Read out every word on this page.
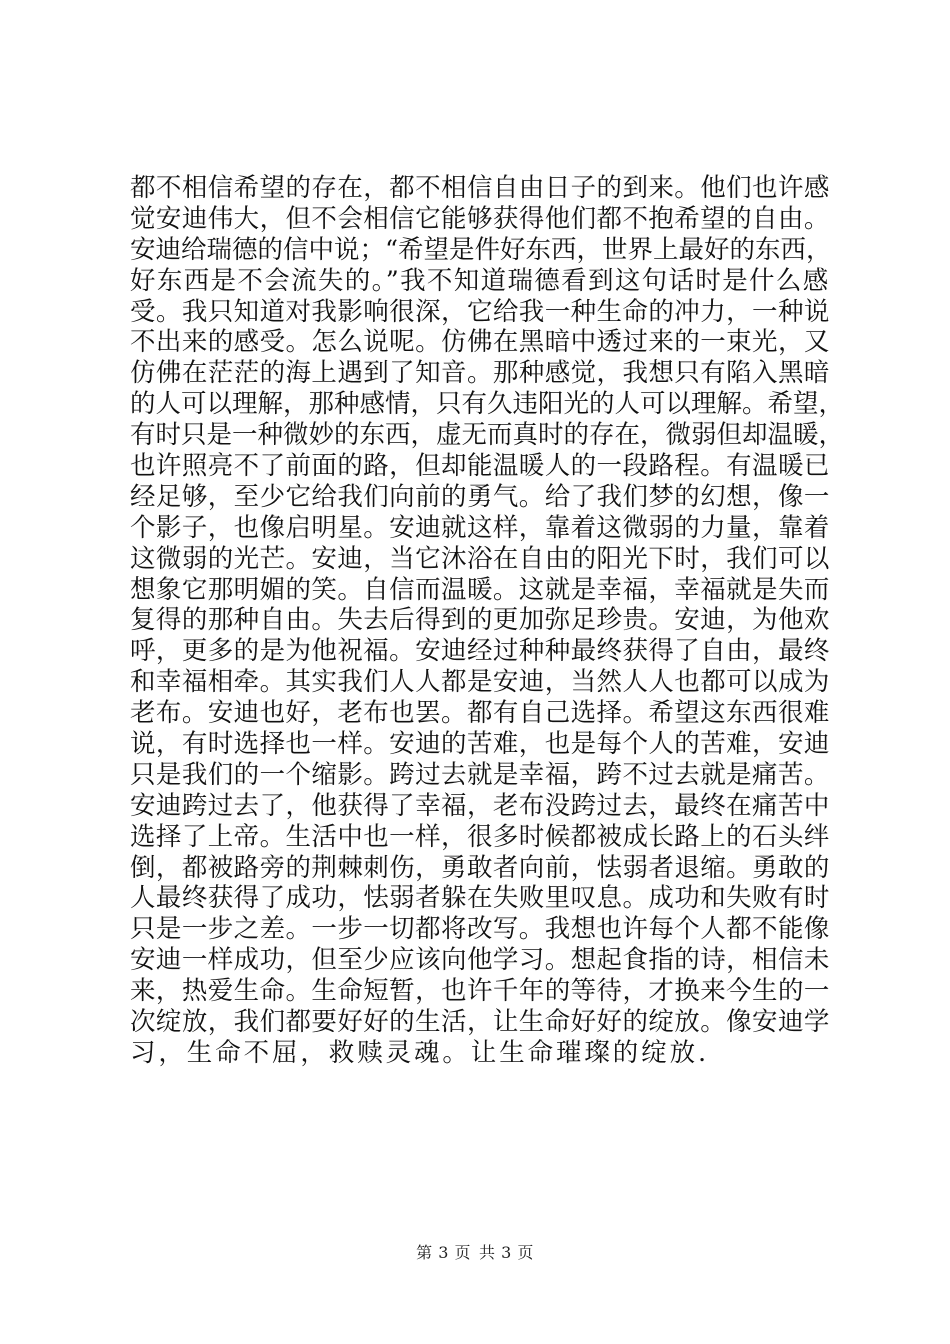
都不相信希望的存在，都不相信自由日子的到来。他们也许感
觉安迪伟大，但不会相信它能够获得他们都不抱希望的自由。
安迪给瑞德的信中说；“希望是件好东西，世界上最好的东西，
好东西是不会流失的。”我不知道瑞德看到这句话时是什么感
受。我只知道对我影响很深，它给我一种生命的冲力，一种说
不出来的感受。怎么说呢。仿佛在黑暗中透过来的一束光，又
仿佛在茫茫的海上遇到了知音。那种感觉，我想只有陷入黑暗
的人可以理解，那种感情，只有久违阳光的人可以理解。希望，
有时只是一种微妙的东西，虚无而真时的存在，微弱但却温暖，
也许照亮不了前面的路，但却能温暖人的一段路程。有温暖已
经足够，至少它给我们向前的勇气。给了我们梦的幻想，像一
个影子，也像启明星。安迪就这样，靠着这微弱的力量，靠着
这微弱的光芒。安迪，当它沐浴在自由的阳光下时，我们可以
想象它那明媚的笑。自信而温暖。这就是幸福，幸福就是失而
复得的那种自由。失去后得到的更加弥足珍贵。安迪，为他欢
呼，更多的是为他祝福。安迪经过种种最终获得了自由，最终
和幸福相牵。其实我们人人都是安迪，当然人人也都可以成为
老布。安迪也好，老布也罢。都有自己选择。希望这东西很难
说，有时选择也一样。安迪的苦难，也是每个人的苦难，安迪
只是我们的一个缩影。跨过去就是幸福，跨不过去就是痛苦。
安迪跨过去了，他获得了幸福，老布没跨过去，最终在痛苦中
选择了上帝。生活中也一样，很多时候都被成长路上的石头绊
倒，都被路旁的荆棘刺伤，勇敢者向前，怯弱者退缩。勇敢的
人最终获得了成功，怯弱者躲在失败里叹息。成功和失败有时
只是一步之差。一步一切都将改写。我想也许每个人都不能像
安迪一样成功，但至少应该向他学习。想起食指的诗，相信未
来，热爱生命。生命短暂，也许千年的等待，才换来今生的一
次绽放，我们都要好好的生活，让生命好好的绽放。像安迪学
习，生命不屈，救赎灵魂。让生命璀璨的绽放.
第 3 页 共 3 页
